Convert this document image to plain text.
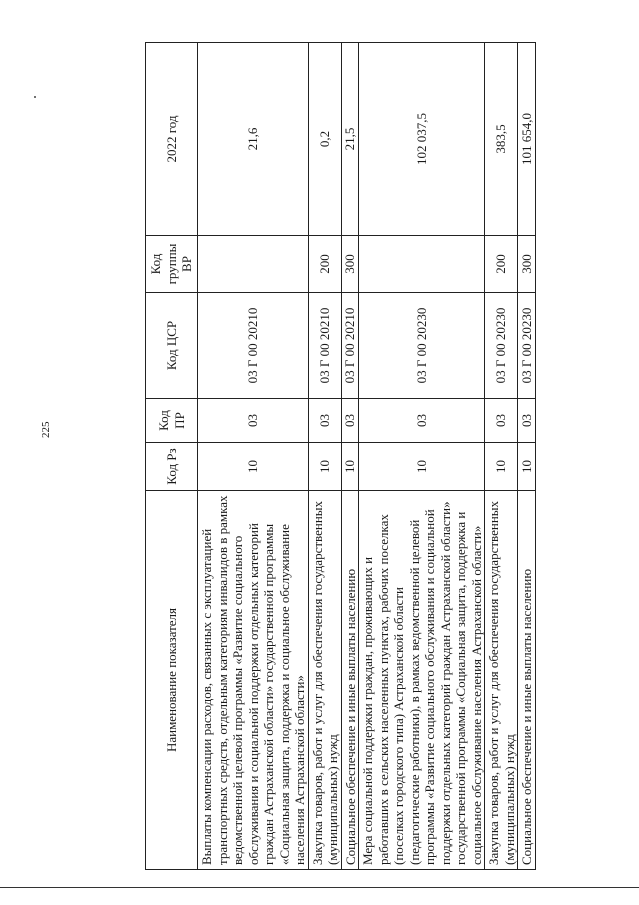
225
Наименование показателя	Код Рз	Код ПР	Код ЦСР	Код группы ВР	2022 год
Выплаты компенсации расходов, связанных с эксплуатацией транспортных средств, отдельным категориям инвалидов в рамках ведомственной целевой программы «Развитие социального обслуживания и социальной поддержки отдельных категорий граждан Астраханской области» государственной программы «Социальная защита, поддержка и социальное обслуживание населения Астраханской области»	10	03	03 Г 00 20210		21,6
Закупка товаров, работ и услуг для обеспечения государственных (муниципальных) нужд	10	03	03 Г 00 20210	200	0,2
Социальное обеспечение и иные выплаты населению	10	03	03 Г 00 20210	300	21,5
Мера социальной поддержки граждан, проживающих и работавших в сельских населенных пунктах, рабочих поселках (поселках городского типа) Астраханской области (педагогические работники), в рамках ведомственной целевой программы «Развитие социального обслуживания и социальной поддержки отдельных категорий граждан Астраханской области» государственной программы «Социальная защита, поддержка и социальное обслуживание населения Астраханской области»	10	03	03 Г 00 20230		102 037,5
Закупка товаров, работ и услуг для обеспечения государственных (муниципальных) нужд	10	03	03 Г 00 20230	200	383,5
Социальное обеспечение и иные выплаты населению	10	03	03 Г 00 20230	300	101 654,0
